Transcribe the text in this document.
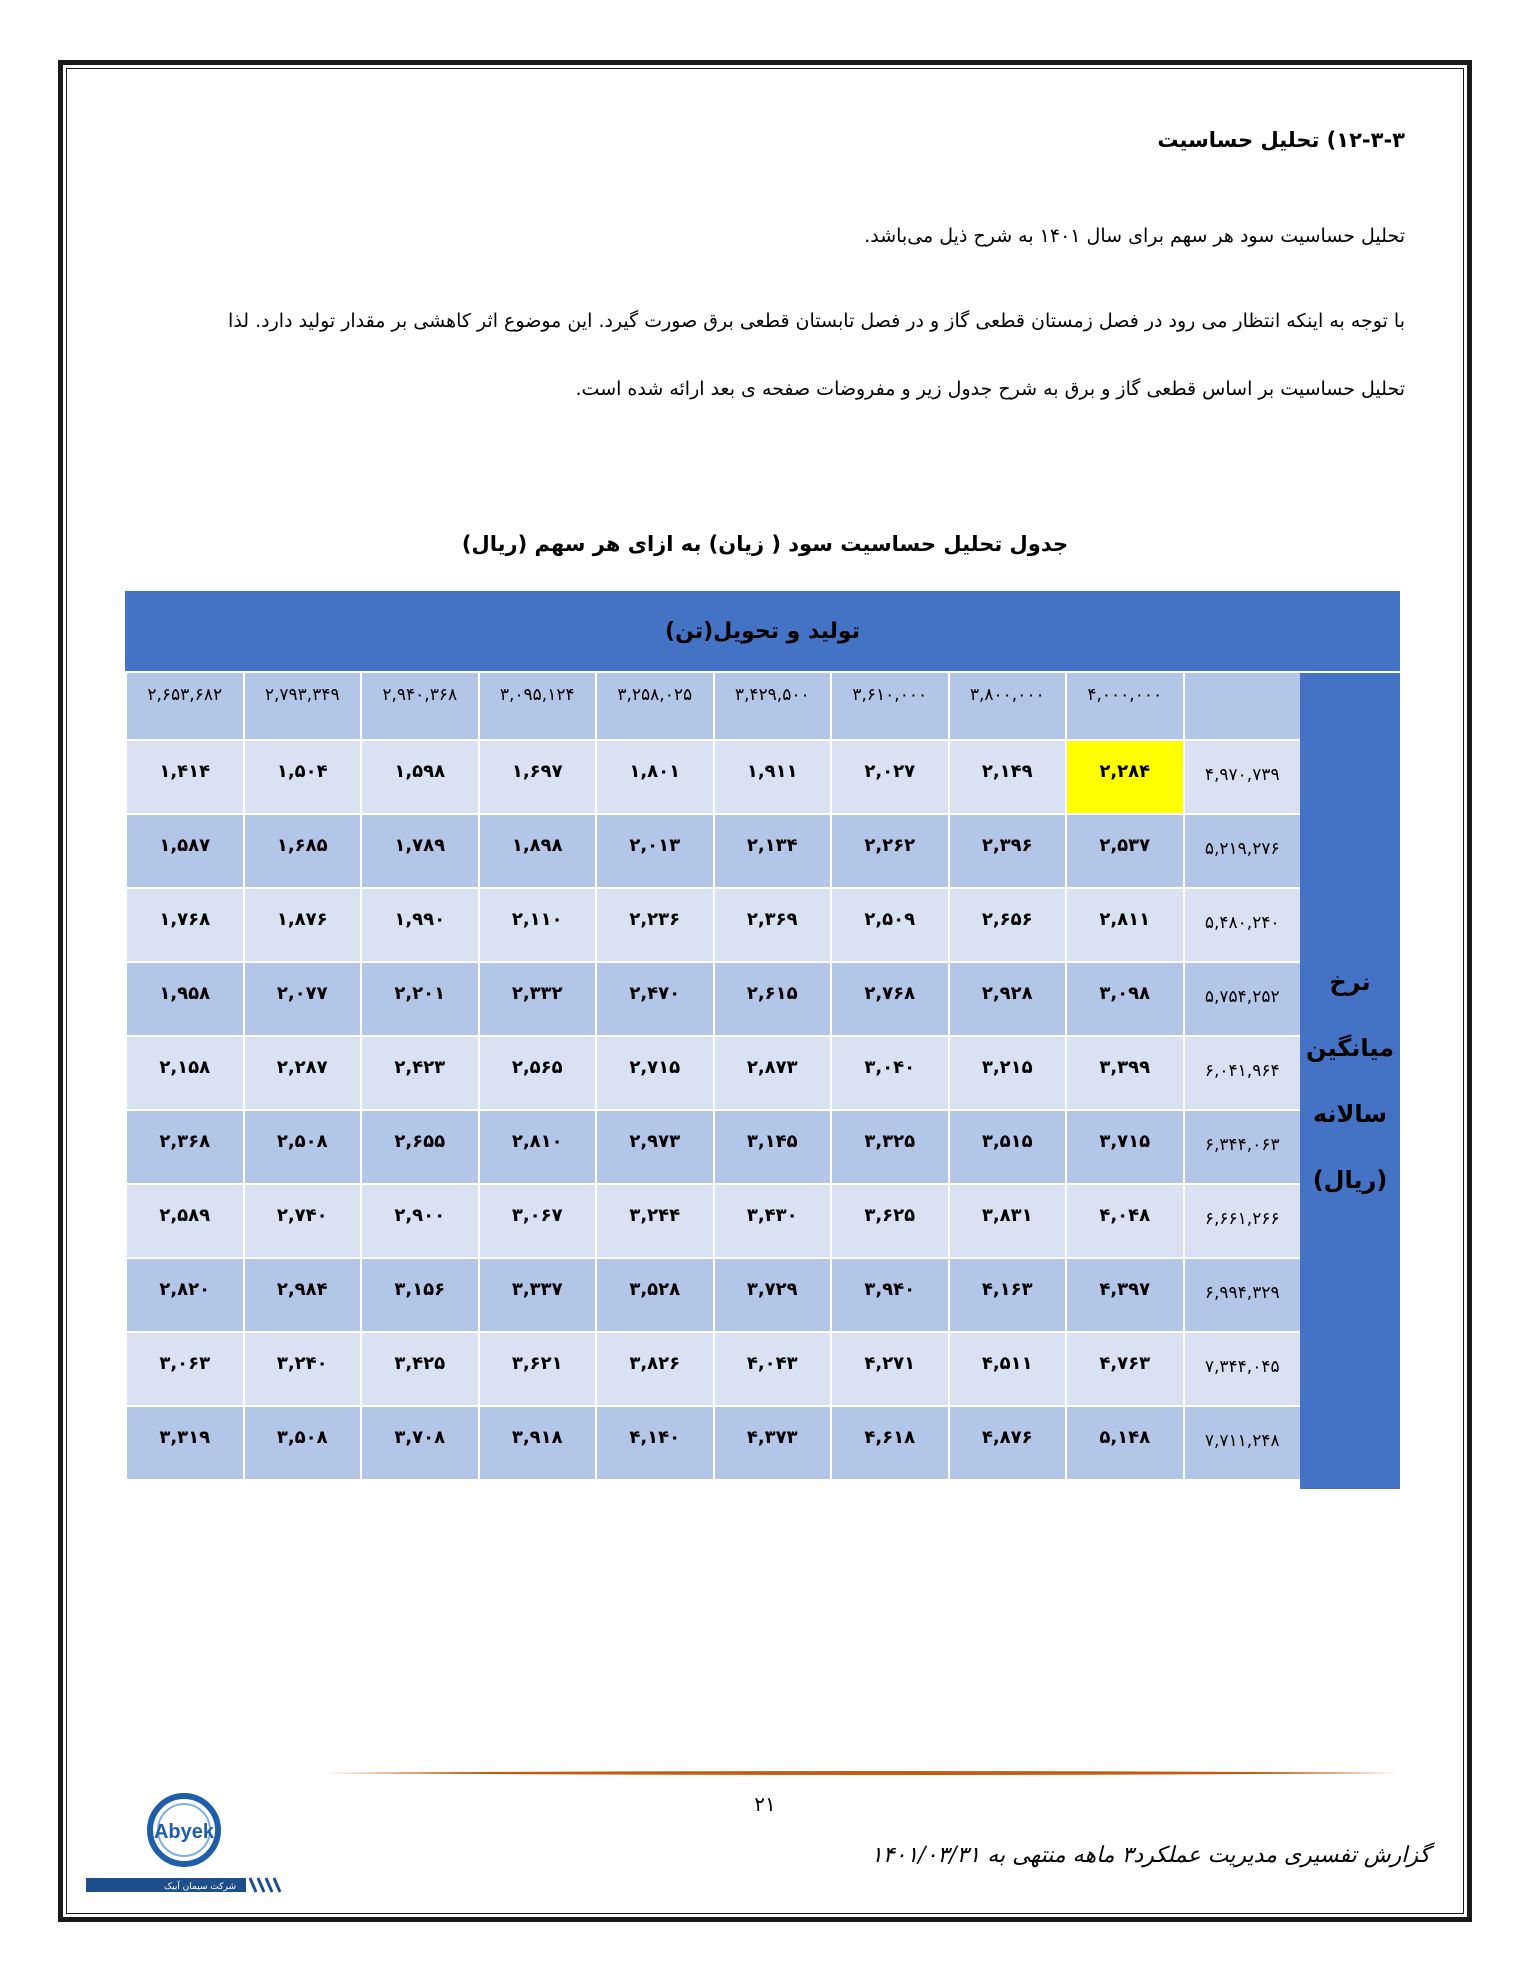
۱۲-۳-۳) تحلیل حساسیت
تحلیل حساسیت سود هر سهم برای سال ۱۴۰۱ به شرح ذیل می‌باشد.
با توجه به اینکه انتظار می رود در فصل زمستان قطعی گاز و در فصل تابستان قطعی برق صورت گیرد. این موضوع اثر کاهشی بر مقدار تولید دارد. لذا
تحلیل حساسیت بر اساس قطعی گاز و برق به شرح جدول زیر و مفروضات صفحه ی بعد ارائه شده است.
جدول تحلیل حساسیت سود ( زیان) به ازای هر سهم (ریال)
تولید و تحویل(تن)
نرخ
میانگین
سالانه
(ریال)
۴,۰۰۰,۰۰۰
۳,۸۰۰,۰۰۰
۳,۶۱۰,۰۰۰
۳,۴۲۹,۵۰۰
۳,۲۵۸,۰۲۵
۳,۰۹۵,۱۲۴
۲,۹۴۰,۳۶۸
۲,۷۹۳,۳۴۹
۲,۶۵۳,۶۸۲
۴,۹۷۰,۷۳۹
۲,۲۸۴
۲,۱۴۹
۲,۰۲۷
۱,۹۱۱
۱,۸۰۱
۱,۶۹۷
۱,۵۹۸
۱,۵۰۴
۱,۴۱۴
۵,۲۱۹,۲۷۶
۲,۵۳۷
۲,۳۹۶
۲,۲۶۲
۲,۱۳۴
۲,۰۱۳
۱,۸۹۸
۱,۷۸۹
۱,۶۸۵
۱,۵۸۷
۵,۴۸۰,۲۴۰
۲,۸۱۱
۲,۶۵۶
۲,۵۰۹
۲,۳۶۹
۲,۲۳۶
۲,۱۱۰
۱,۹۹۰
۱,۸۷۶
۱,۷۶۸
۵,۷۵۴,۲۵۲
۳,۰۹۸
۲,۹۲۸
۲,۷۶۸
۲,۶۱۵
۲,۴۷۰
۲,۳۳۲
۲,۲۰۱
۲,۰۷۷
۱,۹۵۸
۶,۰۴۱,۹۶۴
۳,۳۹۹
۳,۲۱۵
۳,۰۴۰
۲,۸۷۳
۲,۷۱۵
۲,۵۶۵
۲,۴۲۳
۲,۲۸۷
۲,۱۵۸
۶,۳۴۴,۰۶۳
۳,۷۱۵
۳,۵۱۵
۳,۳۲۵
۳,۱۴۵
۲,۹۷۳
۲,۸۱۰
۲,۶۵۵
۲,۵۰۸
۲,۳۶۸
۶,۶۶۱,۲۶۶
۴,۰۴۸
۳,۸۳۱
۳,۶۲۵
۳,۴۳۰
۳,۲۴۴
۳,۰۶۷
۲,۹۰۰
۲,۷۴۰
۲,۵۸۹
۶,۹۹۴,۳۲۹
۴,۳۹۷
۴,۱۶۳
۳,۹۴۰
۳,۷۲۹
۳,۵۲۸
۳,۳۳۷
۳,۱۵۶
۲,۹۸۴
۲,۸۲۰
۷,۳۴۴,۰۴۵
۴,۷۶۳
۴,۵۱۱
۴,۲۷۱
۴,۰۴۳
۳,۸۲۶
۳,۶۲۱
۳,۴۲۵
۳,۲۴۰
۳,۰۶۳
۷,۷۱۱,۲۴۸
۵,۱۴۸
۴,۸۷۶
۴,۶۱۸
۴,۳۷۳
۴,۱۴۰
۳,۹۱۸
۳,۷۰۸
۳,۵۰۸
۳,۳۱۹
۲۱
گزارش تفسیری مدیریت عملکرد۳ ماهه منتهی به ۱۴۰۱/۰۳/۳۱
Abyek
شرکت سیمان آبیک
